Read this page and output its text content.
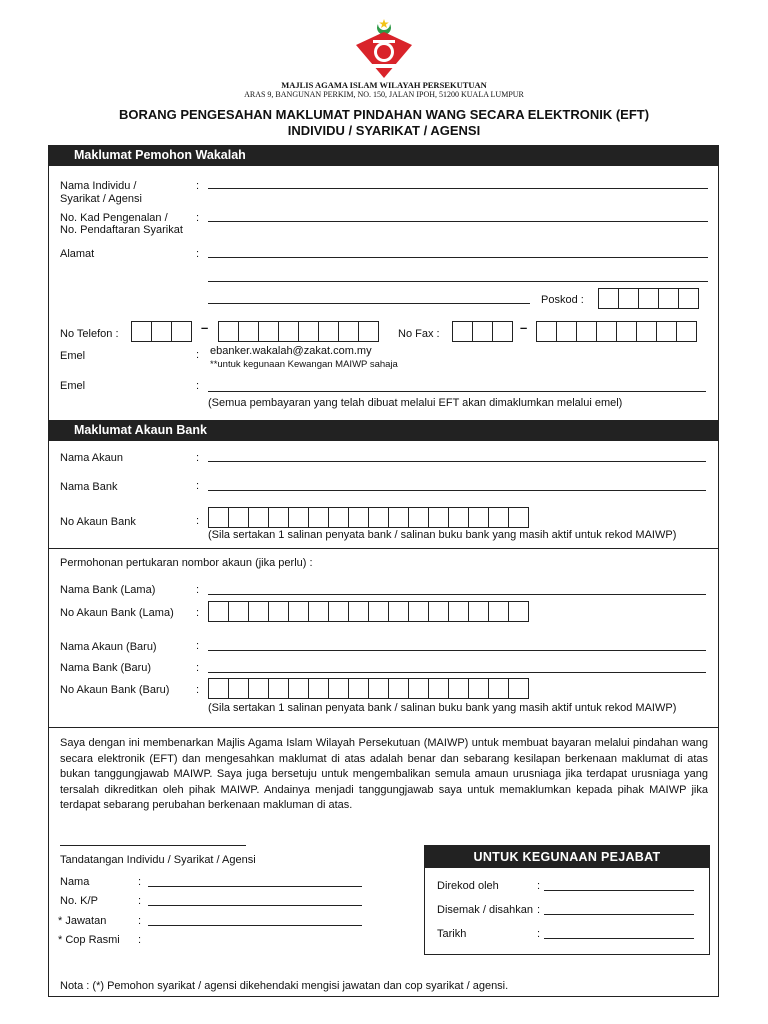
MAJLIS AGAMA ISLAM WILAYAH PERSEKUTUAN
ARAS 9, BANGUNAN PERKIM, NO. 150, JALAN IPOH, 51200 KUALA LUMPUR
BORANG PENGESAHAN MAKLUMAT PINDAHAN WANG SECARA ELEKTRONIK (EFT)
INDIVIDU / SYARIKAT / AGENSI
Maklumat Pemohon Wakalah
Nama Individu /
Syarikat / Agensi
:
No. Kad Pengenalan /
No. Pendaftaran Syarikat
:
Alamat	:
Poskod :
No Telefon :	–	No Fax :	–
Emel	: ebanker.wakalah@zakat.com.my
**untuk kegunaan Kewangan MAIWP sahaja
Emel	:
(Semua pembayaran yang telah dibuat melalui EFT akan dimaklumkan melalui emel)
Maklumat Akaun Bank
Nama Akaun	:
Nama Bank	:
No Akaun Bank	:
(Sila sertakan 1 salinan penyata bank / salinan buku bank yang masih aktif untuk rekod MAIWP)
Permohonan pertukaran nombor akaun (jika perlu) :
Nama Bank (Lama)	:
No Akaun Bank (Lama) :
Nama Akaun (Baru)	:
Nama Bank (Baru)	:
No Akaun Bank (Baru) :
(Sila sertakan 1 salinan penyata bank / salinan buku bank yang masih aktif untuk rekod MAIWP)
Saya dengan ini membenarkan Majlis Agama Islam Wilayah Persekutuan (MAIWP) untuk membuat bayaran melalui pindahan wang secara elektronik (EFT) dan mengesahkan maklumat di atas adalah benar dan sebarang kesilapan berkenaan maklumat di atas bukan tanggungjawab MAIWP. Saya juga bersetuju untuk mengembalikan semula amaun urusniaga jika terdapat urusniaga yang tersalah dikreditkan oleh pihak MAIWP. Andainya menjadi tanggungjawab saya untuk memaklumkan kepada pihak MAIWP jika terdapat sebarang perubahan berkenaan makluman di atas.
Tandatangan Individu / Syarikat / Agensi
Nama	:
No. K/P	:
* Jawatan	:
* Cop Rasmi :
UNTUK KEGUNAAN PEJABAT
Direkod oleh	:
Disemak / disahkan :
Tarikh	:
Nota : (*) Pemohon syarikat / agensi dikehendaki mengisi jawatan dan cop syarikat / agensi.
